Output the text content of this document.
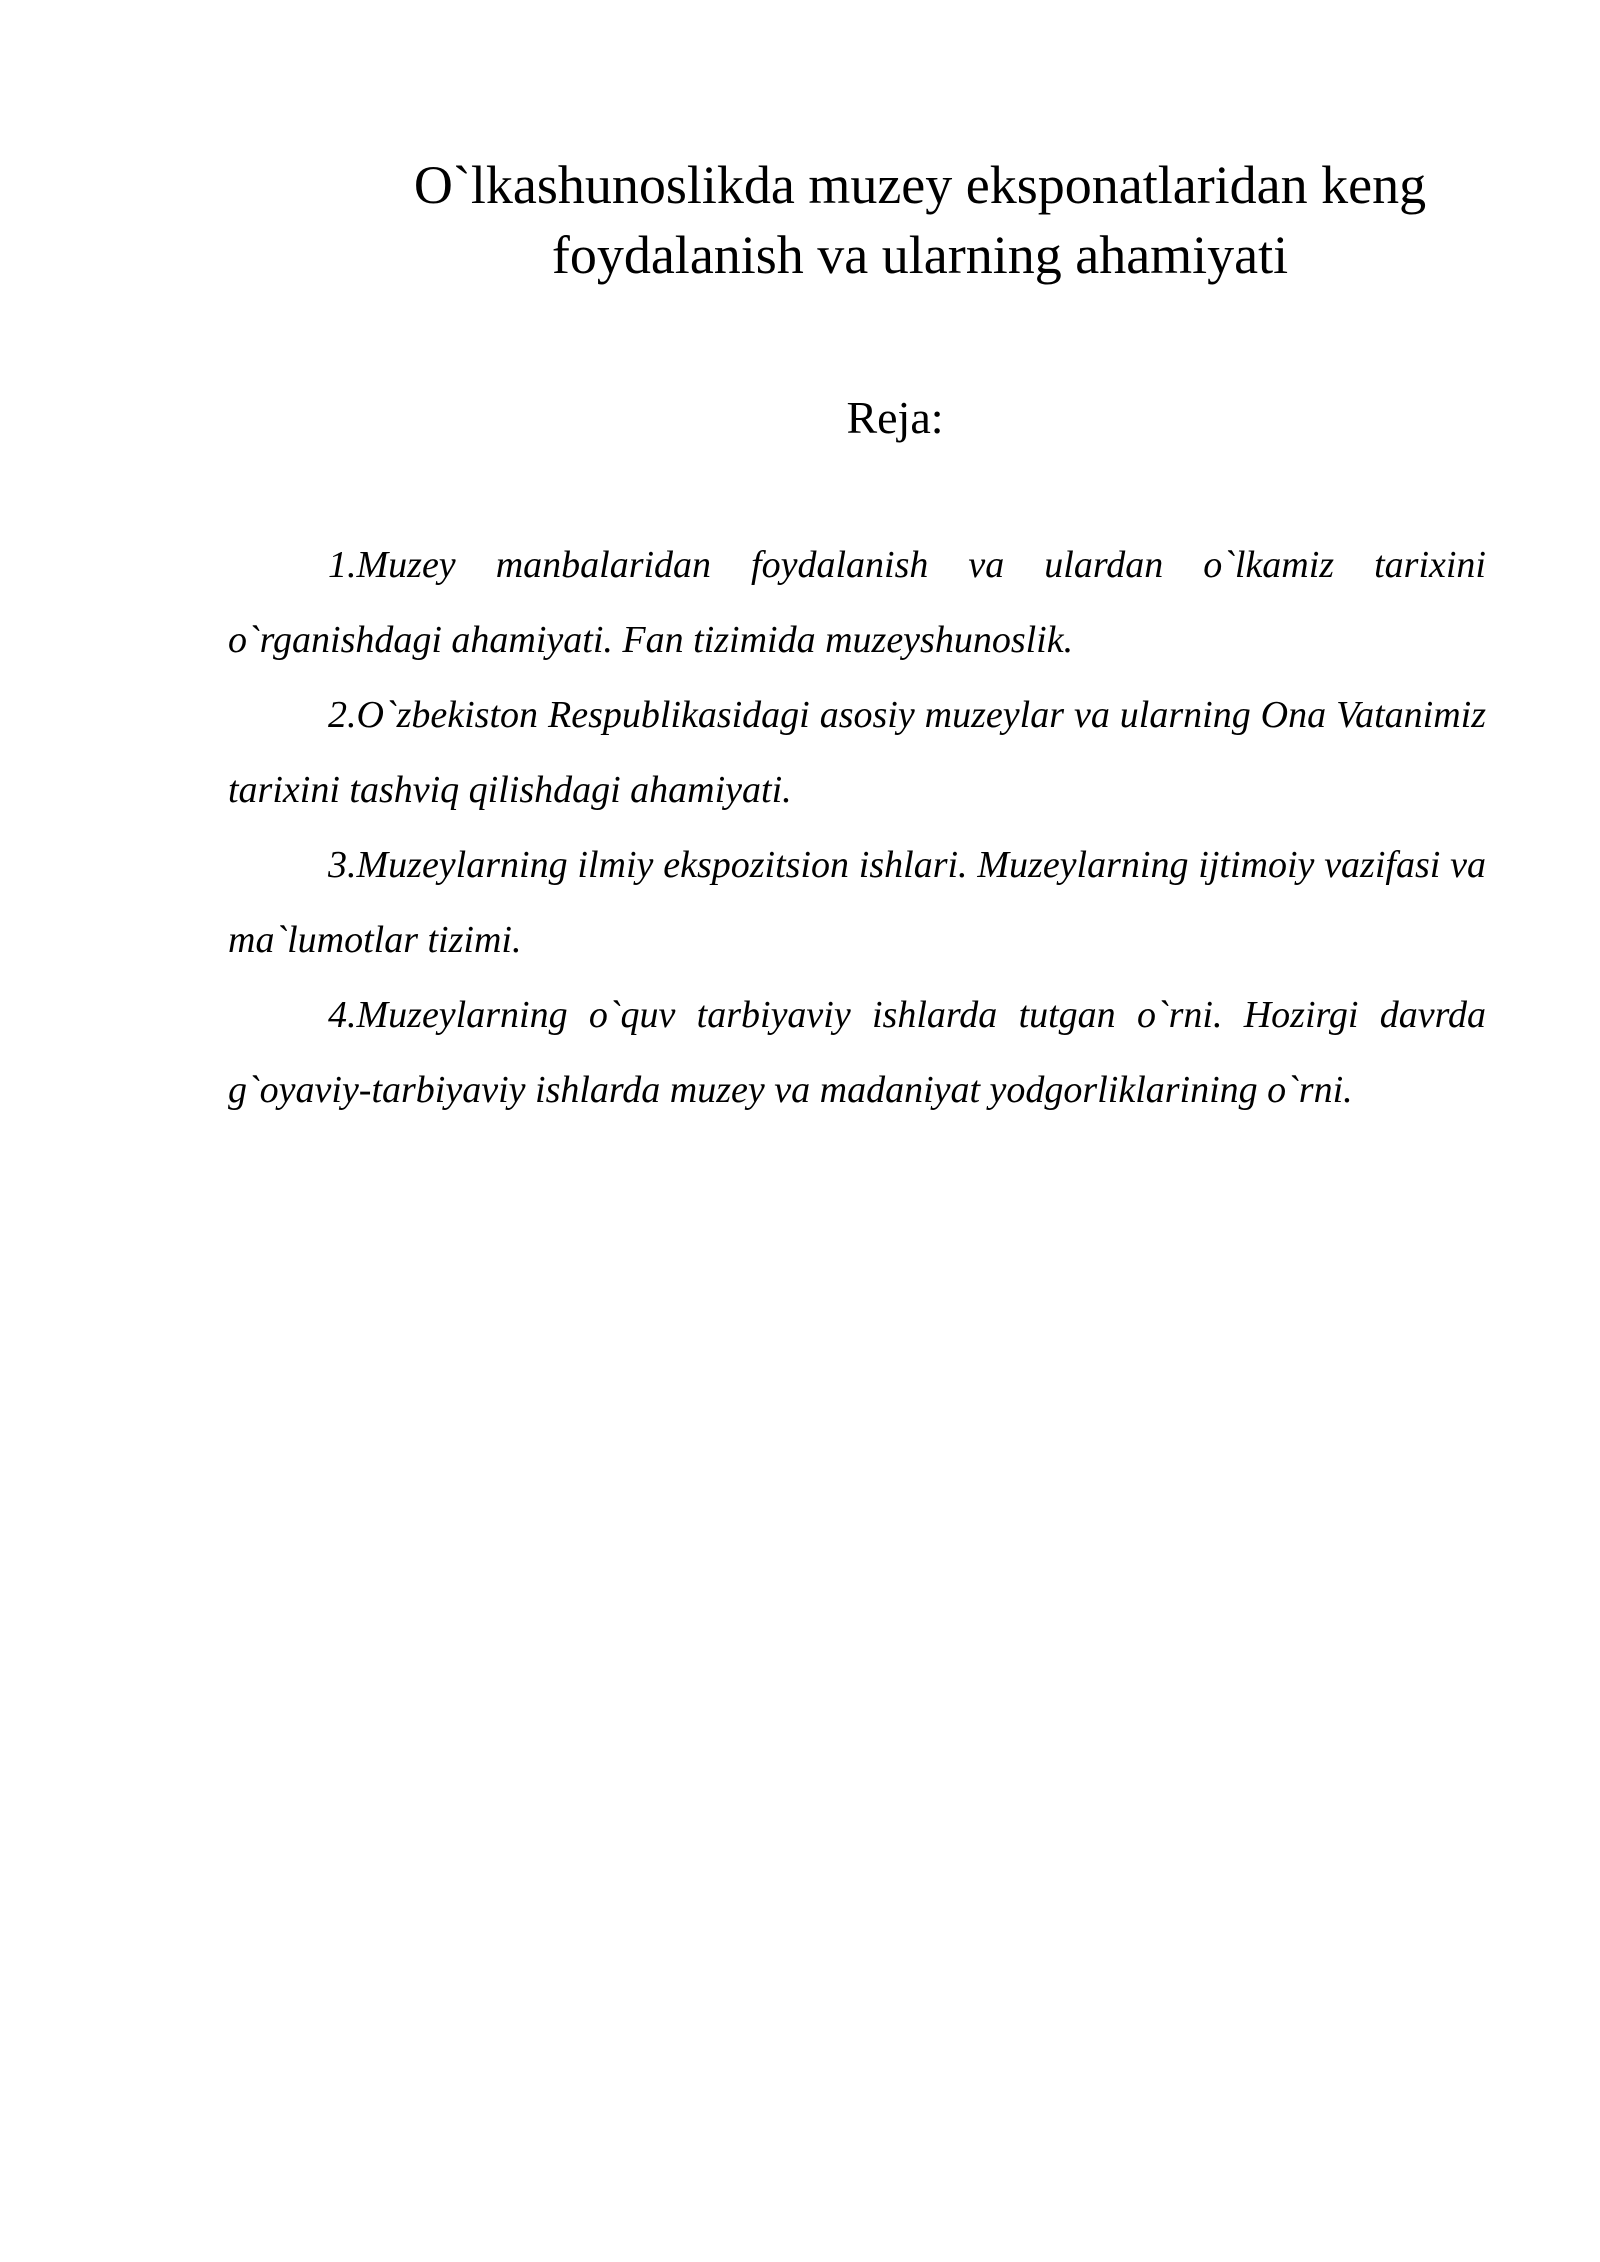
O`lkashunoslikda muzey eksponatlaridan keng
foydalanish va ularning ahamiyati
Reja:
1.Muzey manbalaridan foydalanish va ulardan o`lkamiz tarixini o`rganishdagi ahamiyati. Fan tizimida muzeyshunoslik.
2.O`zbekiston Respublikasidagi asosiy muzeylar va ularning Ona Vatanimiz tarixini tashviq qilishdagi ahamiyati.
3.Muzeylarning ilmiy ekspozitsion ishlari. Muzeylarning ijtimoiy vazifasi va ma`lumotlar tizimi.
4.Muzeylarning o`quv tarbiyaviy ishlarda tutgan o`rni. Hozirgi davrda g`oyaviy-tarbiyaviy ishlarda muzey va madaniyat yodgorliklarining o`rni.
